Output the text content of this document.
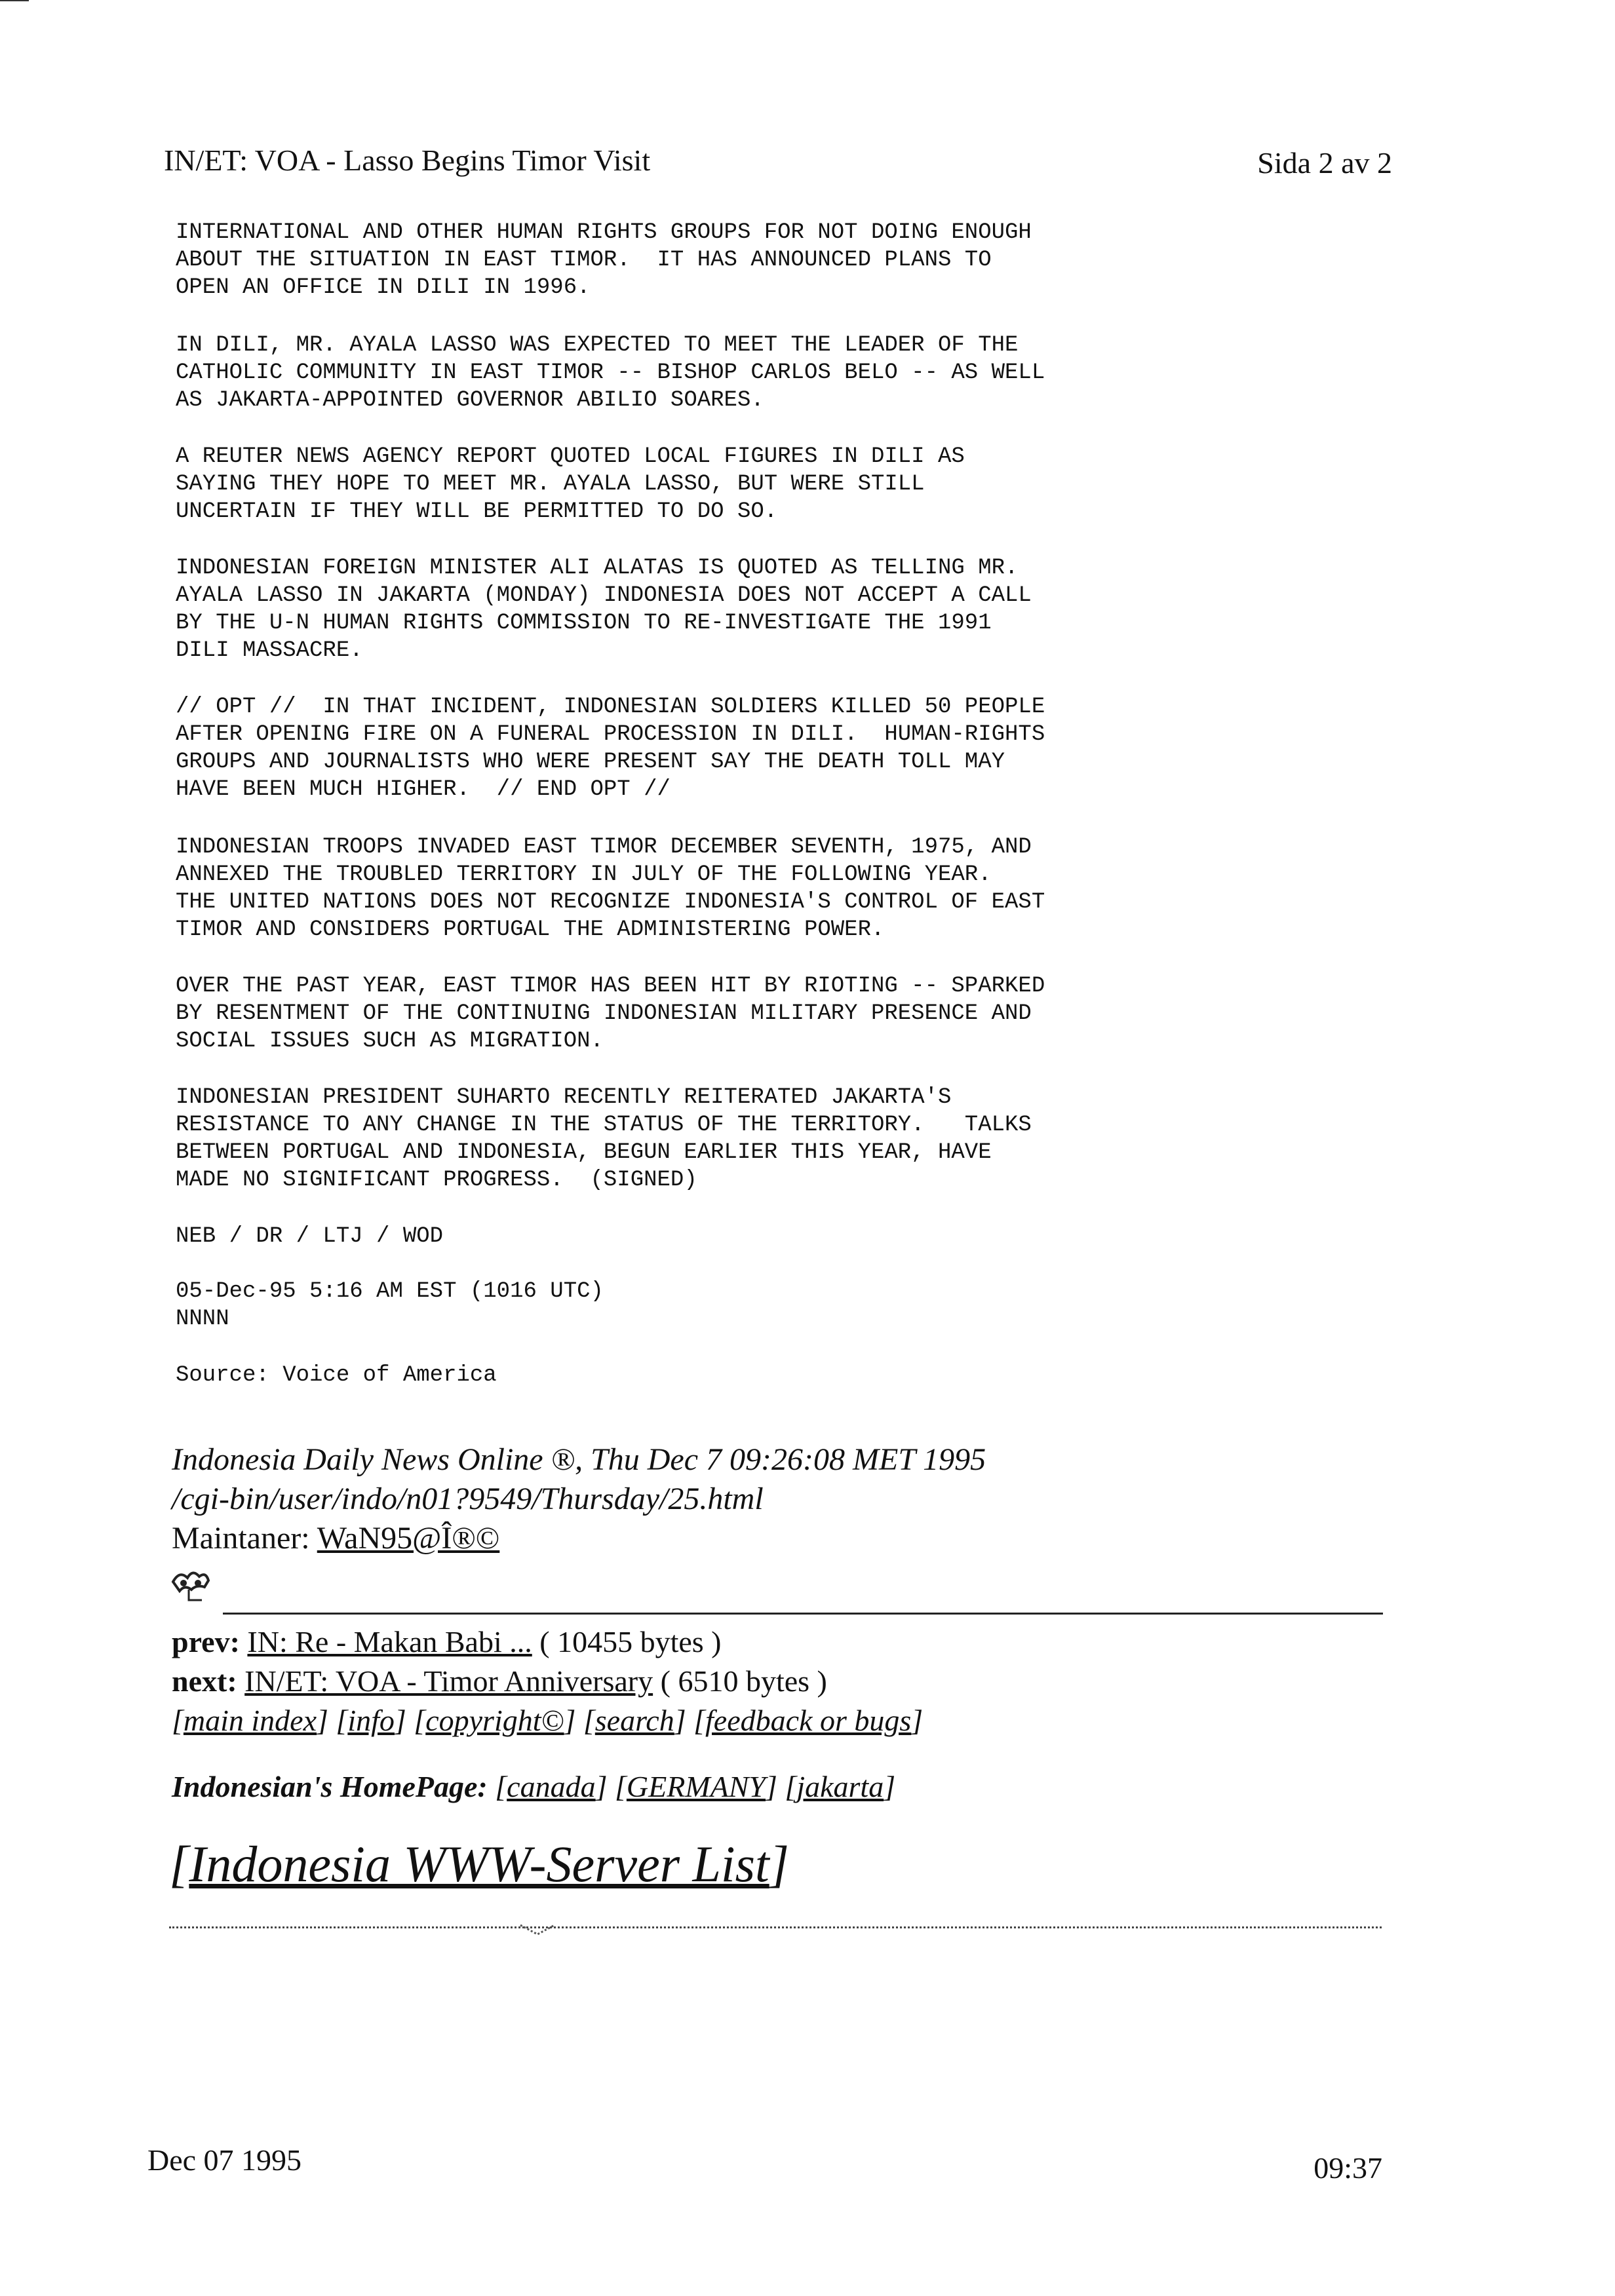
IN/ET: VOA - Lasso Begins Timor Visit	Sida 2 av 2
INTERNATIONAL AND OTHER HUMAN RIGHTS GROUPS FOR NOT DOING ENOUGH
ABOUT THE SITUATION IN EAST TIMOR.  IT HAS ANNOUNCED PLANS TO
OPEN AN OFFICE IN DILI IN 1996.
IN DILI, MR. AYALA LASSO WAS EXPECTED TO MEET THE LEADER OF THE
CATHOLIC COMMUNITY IN EAST TIMOR -- BISHOP CARLOS BELO -- AS WELL
AS JAKARTA-APPOINTED GOVERNOR ABILIO SOARES.
A REUTER NEWS AGENCY REPORT QUOTED LOCAL FIGURES IN DILI AS
SAYING THEY HOPE TO MEET MR. AYALA LASSO, BUT WERE STILL
UNCERTAIN IF THEY WILL BE PERMITTED TO DO SO.
INDONESIAN FOREIGN MINISTER ALI ALATAS IS QUOTED AS TELLING MR.
AYALA LASSO IN JAKARTA (MONDAY) INDONESIA DOES NOT ACCEPT A CALL
BY THE U-N HUMAN RIGHTS COMMISSION TO RE-INVESTIGATE THE 1991
DILI MASSACRE.
// OPT //  IN THAT INCIDENT, INDONESIAN SOLDIERS KILLED 50 PEOPLE
AFTER OPENING FIRE ON A FUNERAL PROCESSION IN DILI.  HUMAN-RIGHTS
GROUPS AND JOURNALISTS WHO WERE PRESENT SAY THE DEATH TOLL MAY
HAVE BEEN MUCH HIGHER.  // END OPT //
INDONESIAN TROOPS INVADED EAST TIMOR DECEMBER SEVENTH, 1975, AND
ANNEXED THE TROUBLED TERRITORY IN JULY OF THE FOLLOWING YEAR.
THE UNITED NATIONS DOES NOT RECOGNIZE INDONESIA'S CONTROL OF EAST
TIMOR AND CONSIDERS PORTUGAL THE ADMINISTERING POWER.
OVER THE PAST YEAR, EAST TIMOR HAS BEEN HIT BY RIOTING -- SPARKED
BY RESENTMENT OF THE CONTINUING INDONESIAN MILITARY PRESENCE AND
SOCIAL ISSUES SUCH AS MIGRATION.
INDONESIAN PRESIDENT SUHARTO RECENTLY REITERATED JAKARTA'S
RESISTANCE TO ANY CHANGE IN THE STATUS OF THE TERRITORY.   TALKS
BETWEEN PORTUGAL AND INDONESIA, BEGUN EARLIER THIS YEAR, HAVE
MADE NO SIGNIFICANT PROGRESS.  (SIGNED)
NEB / DR / LTJ / WOD
05-Dec-95 5:16 AM EST (1016 UTC)
NNNN
Source: Voice of America
Indonesia Daily News Online ®, Thu Dec 7 09:26:08 MET 1995
/cgi-bin/user/indo/n01?9549/Thursday/25.html
Maintaner: WaN95@Î®©
prev: IN: Re - Makan Babi ... ( 10455 bytes )
next: IN/ET: VOA - Timor Anniversary ( 6510 bytes )
[main index] [info] [copyright©] [search] [feedback or bugs]
Indonesian's HomePage: [canada] [GERMANY] [jakarta]
[Indonesia WWW-Server List]
Dec 07 1995	09:37
